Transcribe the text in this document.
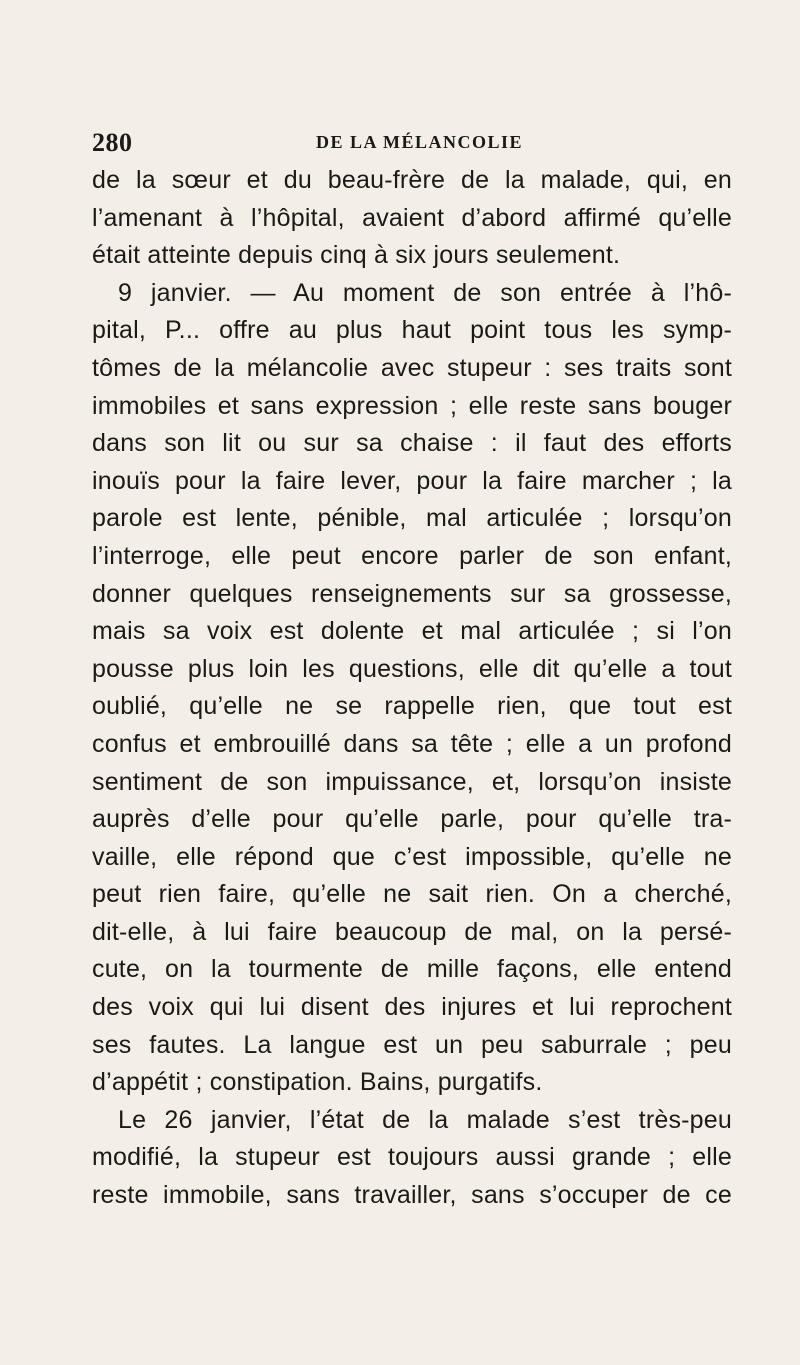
280	DE LA MÉLANCOLIE
de la sœur et du beau-frère de la malade, qui, en
l’amenant à l’hôpital, avaient d’abord affirmé qu’elle
était atteinte depuis cinq à six jours seulement.
9 janvier. — Au moment de son entrée à l’hô-
pital, P... offre au plus haut point tous les symp-
tômes de la mélancolie avec stupeur : ses traits sont
immobiles et sans expression ; elle reste sans bouger
dans son lit ou sur sa chaise : il faut des efforts
inouïs pour la faire lever, pour la faire marcher ; la
parole est lente, pénible, mal articulée ; lorsqu’on
l’interroge, elle peut encore parler de son enfant,
donner quelques renseignements sur sa grossesse,
mais sa voix est dolente et mal articulée ; si l’on
pousse plus loin les questions, elle dit qu’elle a tout
oublié, qu’elle ne se rappelle rien, que tout est
confus et embrouillé dans sa tête ; elle a un profond
sentiment de son impuissance, et, lorsqu’on insiste
auprès d’elle pour qu’elle parle, pour qu’elle tra-
vaille, elle répond que c’est impossible, qu’elle ne
peut rien faire, qu’elle ne sait rien. On a cherché,
dit-elle, à lui faire beaucoup de mal, on la persé-
cute, on la tourmente de mille façons, elle entend
des voix qui lui disent des injures et lui reprochent
ses fautes. La langue est un peu saburrale ; peu
d’appétit ; constipation. Bains, purgatifs.
Le 26 janvier, l’état de la malade s’est très-peu
modifié, la stupeur est toujours aussi grande ; elle
reste immobile, sans travailler, sans s’occuper de ce
